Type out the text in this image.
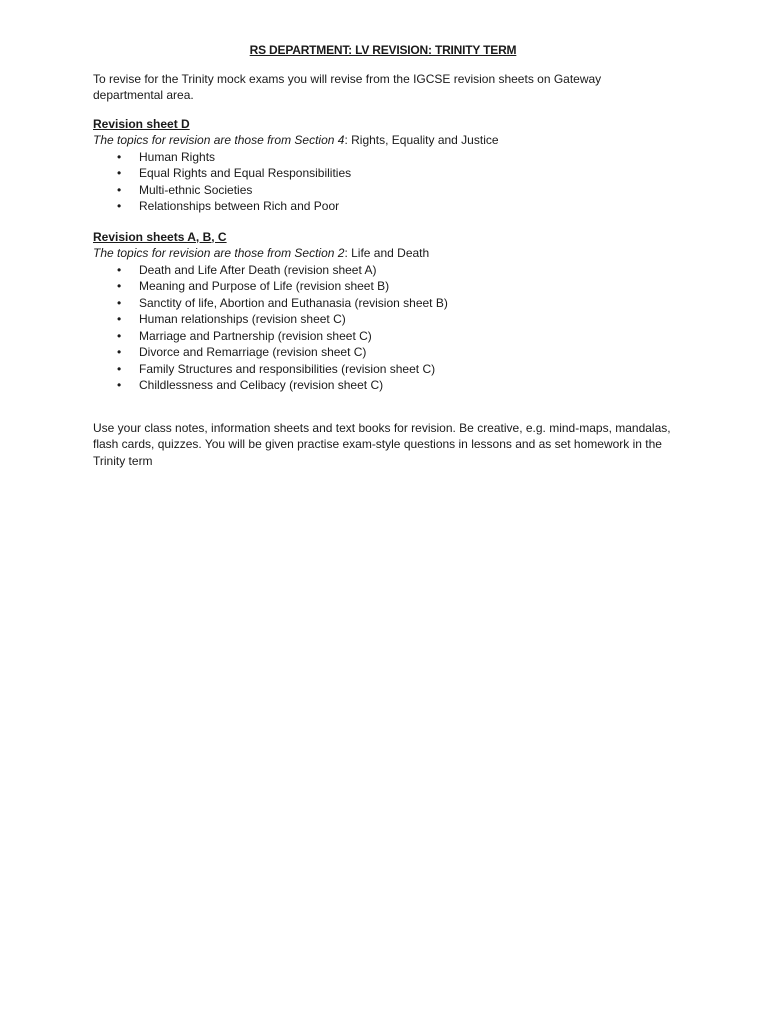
RS DEPARTMENT: LV REVISION: TRINITY TERM

To revise for the Trinity mock exams you will revise from the IGCSE revision sheets on Gateway departmental area.

Revision sheet D

The topics for revision are those from Section 4: Rights, Equality and Justice

• Human Rights
• Equal Rights and Equal Responsibilities
• Multi-ethnic Societies
• Relationships between Rich and Poor

Revision sheets A, B, C

The topics for revision are those from Section 2: Life and Death

• Death and Life After Death (revision sheet A)
• Meaning and Purpose of Life (revision sheet B)
• Sanctity of life, Abortion and Euthanasia (revision sheet B)
• Human relationships (revision sheet C)
• Marriage and Partnership (revision sheet C)
• Divorce and Remarriage (revision sheet C)
• Family Structures and responsibilities (revision sheet C)
• Childlessness and Celibacy (revision sheet C)

Use your class notes, information sheets and text books for revision. Be creative, e.g. mind-maps, mandalas, flash cards, quizzes. You will be given practise exam-style questions in lessons and as set homework in the Trinity term
